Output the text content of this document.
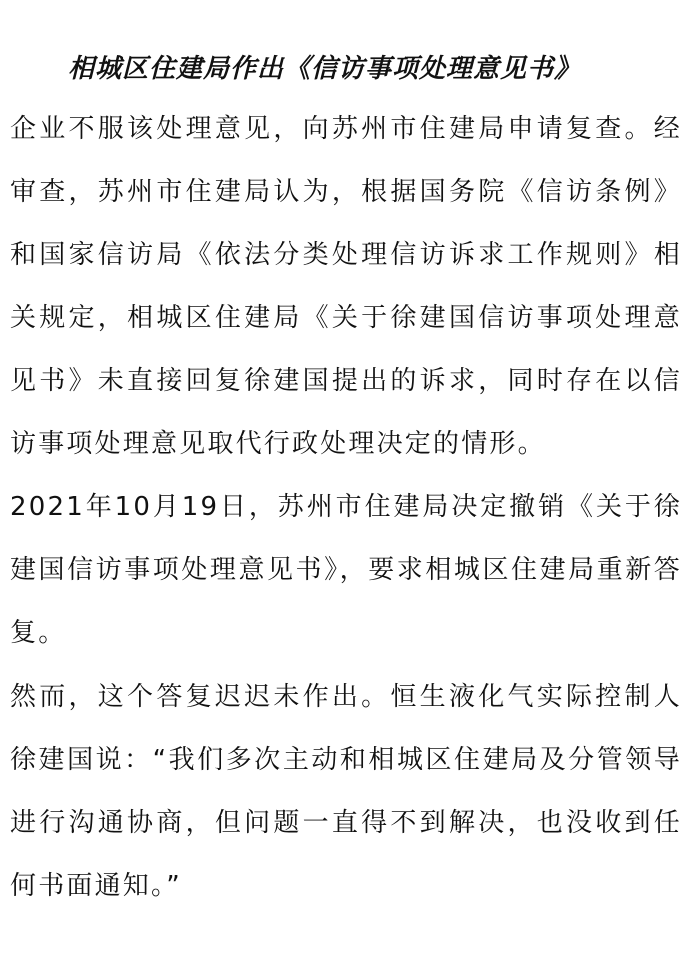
相城区住建局作出《信访事项处理意见书》

企业不服该处理意见，向苏州市住建局申请复查。经审查，苏州市住建局认为，根据国务院《信访条例》和国家信访局《依法分类处理信访诉求工作规则》相关规定，相城区住建局《关于徐建国信访事项处理意见书》未直接回复徐建国提出的诉求，同时存在以信访事项处理意见取代行政处理决定的情形。

2021年10月19日，苏州市住建局决定撤销《关于徐建国信访事项处理意见书》，要求相城区住建局重新答复。

然而，这个答复迟迟未作出。恒生液化气实际控制人徐建国说：“我们多次主动和相城区住建局及分管领导进行沟通协商，但问题一直得不到解决，也没收到任何书面通知。”
